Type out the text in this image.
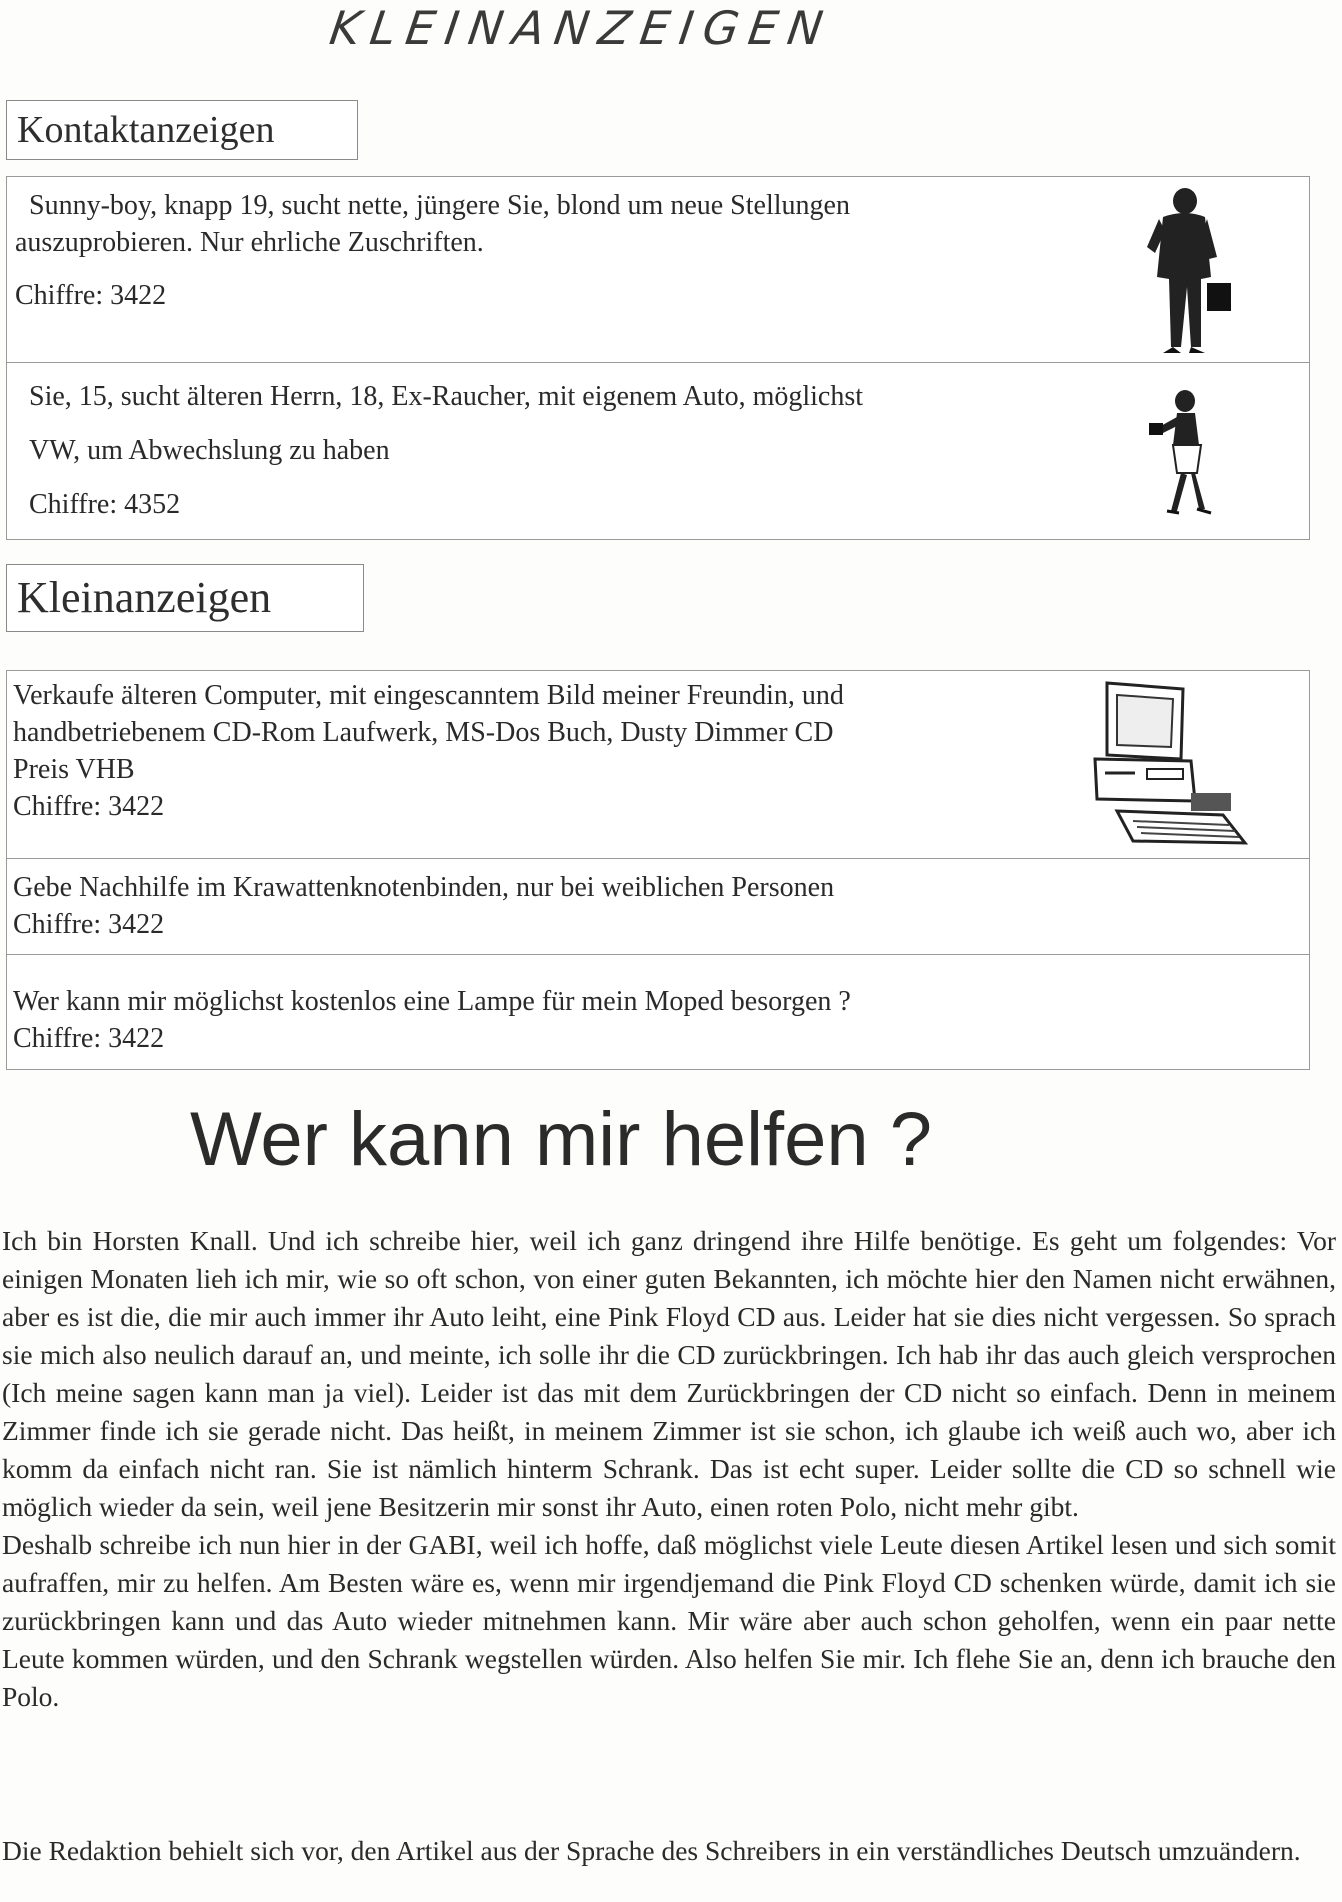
KLEINANZEIGEN
Kontaktanzeigen

Sunny-boy, knapp 19, sucht nette, jüngere Sie, blond um neue Stellungen

auszuprobieren. Nur ehrliche Zuschriften.

Chiffre: 3422

Sie, 15, sucht älteren Herrn, 18, Ex-Raucher, mit eigenem Auto, möglichst

VW, um Abwechslung zu haben

Chiffre: 4352

Kleinanzeigen

Verkaufe älteren Computer, mit eingescanntem Bild meiner Freundin, und

handbetriebenem CD-Rom Laufwerk, MS-Dos Buch, Dusty Dimmer CD

Preis VHB

Chiffre: 3422

Gebe Nachhilfe im Krawattenknotenbinden, nur bei weiblichen Personen

Chiffre: 3422

Wer kann mir möglichst kostenlos eine Lampe für mein Moped besorgen ?

Chiffre: 3422

Wer kann mir helfen ?

Ich bin Horsten Knall. Und ich schreibe hier, weil ich ganz dringend ihre Hilfe benötige. Es geht um folgendes: Vor einigen Monaten lieh ich mir, wie so oft schon, von einer guten Bekannten, ich möchte hier den Namen nicht erwähnen, aber es ist die, die mir auch immer ihr Auto leiht, eine Pink Floyd CD aus. Leider hat sie dies nicht vergessen. So sprach sie mich also neulich darauf an, und meinte, ich solle ihr die CD zurückbringen. Ich hab ihr das auch gleich versprochen (Ich meine sagen kann man ja viel). Leider ist das mit dem Zurückbringen der CD nicht so einfach. Denn in meinem Zimmer finde ich sie gerade nicht. Das heißt, in meinem Zimmer ist sie schon, ich glaube ich weiß auch wo, aber ich komm da einfach nicht ran. Sie ist nämlich hinterm Schrank. Das ist echt super. Leider sollte die CD so schnell wie möglich wieder da sein, weil jene Besitzerin mir sonst ihr Auto, einen roten Polo, nicht mehr gibt.

Deshalb schreibe ich nun hier in der GABI, weil ich hoffe, daß möglichst viele Leute diesen Artikel lesen und sich somit aufraffen, mir zu helfen. Am Besten wäre es, wenn mir irgendjemand die Pink Floyd CD schenken würde, damit ich sie zurückbringen kann und das Auto wieder mitnehmen kann. Mir wäre aber auch schon geholfen, wenn ein paar nette Leute kommen würden, und den Schrank wegstellen würden. Also helfen Sie mir. Ich flehe Sie an, denn ich brauche den Polo.

Die Redaktion behielt sich vor, den Artikel aus der Sprache des Schreibers in ein verständliches Deutsch umzuändern.
